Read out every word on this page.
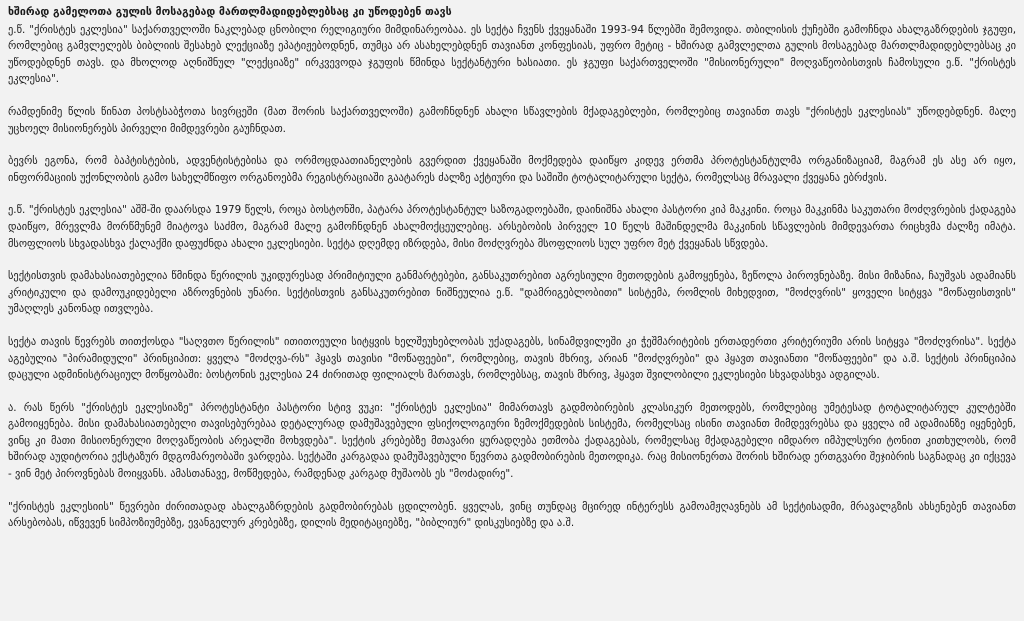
ხშირად გამელოთა გულის მოსაგებად მართლმადიდებლებსაც კი უწოდებენ თავს

ე.წ. "ქრისტეს ეკლესია" საქართველოში ნაკლებად ცნობილი რელიგიური მიმდინარეობაა. ეს სექტა ჩვენს ქვეყანაში 1993-94 წლებში შემოვიდა. თბილისის ქუჩებში გამოჩნდა ახალგაზრდების ჯგუფი, რომლებიც გამვლელებს ბიბლიის შესახებ ლექციაზე ეპატიჟებოდნენ, თუმცა არ ასახელებდნენ თავიანთ კონფესიას, უფრო მეტიც - ხშირად გამვლელთა გულის მოსაგებად მართლმადიდებლებსაც კი უწოდებდნენ თავს. და მხოლოდ აღნიშნულ "ლექციაზე" ირკვევოდა ჯგუფის წმინდა სექტანტური ხასიათი. ეს ჯგუფი საქართველოში "მისიონერული" მოღვაწეობისთვის ჩამოსული ე.წ. "ქრისტეს ეკლესია".

რამდენიმე წლის წინათ პოსტსაბჭოთა სივრცეში (მათ შორის საქართველოში) გამოჩნდნენ ახალი სწავლების მქადაგებლები, რომლებიც თავიანთ თავს "ქრისტეს ეკლესიას" უწოდებდნენ. მალე უცხოელ მისიონერებს პირველი მიმდევრები გაუჩნდათ.

ბევრს ეგონა, რომ ბაპტისტების, ადვენტისტებისა და ორმოცდაათიანელების გვერდით ქვეყანაში მოქმედება დაიწყო კიდევ ერთმა პროტესტანტულმა ორგანიზაციამ, მაგრამ ეს ასე არ იყო, ინფორმაციის უქონლობის გამო სახელმწიფო ორგანოებმა რეგისტრაციაში გაატარეს ძალზე აქტიური და საშიში ტოტალიტარული სექტა, რომელსაც მრავალი ქვეყანა ებრძვის.

ე.წ. "ქრისტეს ეკლესია" აშშ-ში დაარსდა 1979 წელს, როცა ბოსტონში, პატარა პროტესტანტულ საზოგადოებაში, დაინიშნა ახალი პასტორი კიპ მაკკინი. როცა მაკკინმა საკუთარი მოძღვრების ქადაგება დაიწყო, მრევლმა მორწმუნემ მიატოვა საძმო, მაგრამ მალე გამოჩნდნენ ახალმოქცეულებიც. არსებობის პირველ 10 წელს მაშინდელმა მაკკინის სწავლების მიმდევართა რიცხვმა ძალზე იმატა. მსოფლიოს სხვადასხვა ქალაქში დაფუძნდა ახალი ეკლესიები. სექტა დღემდე იზრდება, მისი მოძღვრება მსოფლიოს სულ უფრო მეტ ქვეყანას სწვდება.

სექტისთვის დამახასიათებელია წმინდა წერილის უკიდურესად პრიმიტიული განმარტებები, განსაკუთრებით აგრესიული მეთოდების გამოყენება, ზეწოლა პიროვნებაზე. მისი მიზანია, ჩაუშვას ადამიანს კრიტიკული და დამოუკიდებელი აზროვნების უნარი. სექტისთვის განსაკუთრებით ნიშნეულია ე.წ. "დამრიგებლობითი" სისტემა, რომლის მიხედვით, "მოძღვრის" ყოველი სიტყვა "მოწაფისთვის" უმაღლეს კანონად ითვლება.

სექტა თავის წევრებს თითქოსდა "საღვთო წერილის" ითითოეული სიტყვის ხელშეუხებლობას უქადაგებს, სინამდვილეში კი ჭეშმარიტების ერთადერთი კრიტერიუმი არის სიტყვა "მოძღვრისა". სექტა აგებულია "პირამიდული" პრინციპით: ყველა "მოძღვა-რს" ჰყავს თავისი "მოწაფეები", რომლებიც, თავის მხრივ, არიან "მოძღვრები" და ჰყავთ თავიანთი "მოწაფეები" და ა.შ. სექტის პრინციპია დაცული ადმინისტრაციულ მოწყობაში: ბოსტონის ეკლესია 24 ძირითად ფილიალს მართავს, რომლებსაც, თავის მხრივ, ჰყავთ შვილობილი ეკლესიები სხვადასხვა ადგილას.

ა. რას წერს "ქრისტეს ეკლესიაზე" პროტესტანტი პასტორი სტივ ვუკი: "ქრისტეს ეკლესია" მიმართავს გადმობირების კლასიკურ მეთოდებს, რომლებიც უმეტესად ტოტალიტარულ კულტებში გამოიყენება. მისი დამახასიათებელი თავისებურებაა დეტალურად დამუშავებული ფსიქოლოგიური ზემოქმედების სისტემა, რომელსაც ისინი თავიანთ მიმდევრებსა და ყველა იმ ადამიანზე იყენებენ, ვინც კი მათი მისიონერული მოღვაწეობის არეალში მოხვდება". სექტის კრებებზე მთავარი ყურადღება ეთმობა ქადაგებას, რომელსაც მქადაგებელი იმდარო იმპულსური ტონით კითხულობს, რომ ხშირად აუდიტორია ექსტაზურ მდგომარეობაში ვარდება. სექტაში კარგადაა დამუშავებული წევრთა გადმობირების მეთოდიკა. რაც მისიონერთა შორის ხშირად ერთგვარი შეჯიბრის საგნადაც კი იქცევა - ვინ მეტ პიროვნებას მოიყვანს. ამასთანავე, მოწმედება, რამდენად კარგად მუშაობს ეს "მოძადირე".

"ქრისტეს ეკლესიის" წევრები ძირითადად ახალგაზრდების გადმობირებას ცდილობენ. ყველას, ვინც თუნდაც მცირედ ინტერესს გამოამჟღავნებს ამ სექტისადმი, მრავალგზის ახსენებენ თავიანთ არსებობას, იწვევენ სიმპოზიუმებზე, ევანგელურ კრებებზე, დილის მედიტაციებზე, "ბიბლიურ" დისკუსიებზე და ა.შ.
